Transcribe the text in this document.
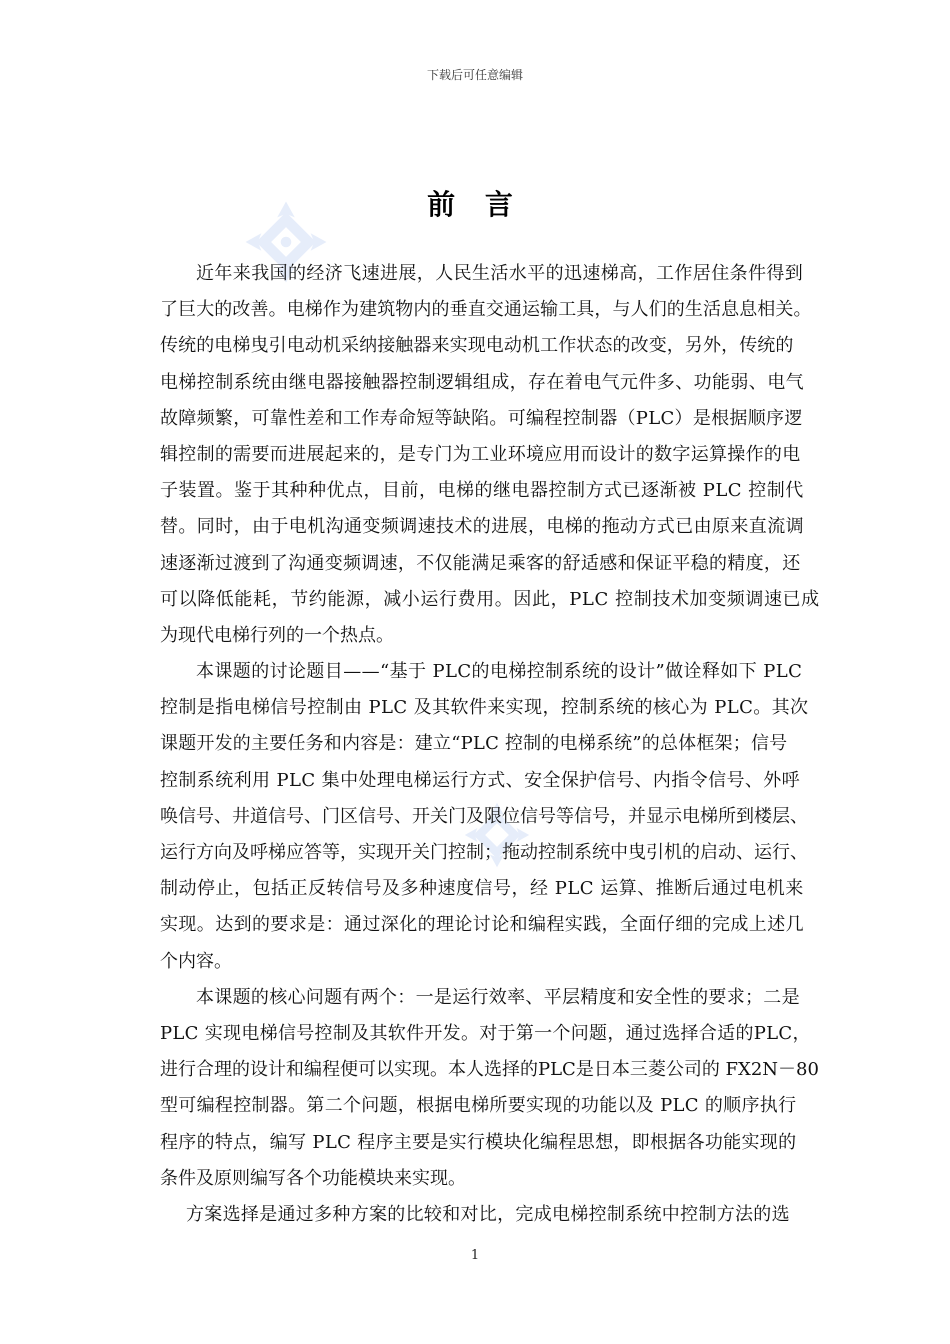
下载后可任意编辑
前 言
近年来我国的经济飞速进展，人民生活水平的迅速梯高，工作居住条件得到
了巨大的改善。电梯作为建筑物内的垂直交通运输工具，与人们的生活息息相关。
传统的电梯曳引电动机采纳接触器来实现电动机工作状态的改变，另外，传统的
电梯控制系统由继电器接触器控制逻辑组成，存在着电气元件多、功能弱、电气
故障频繁，可靠性差和工作寿命短等缺陷。可编程控制器（PLC）是根据顺序逻
辑控制的需要而进展起来的，是专门为工业环境应用而设计的数字运算操作的电
子装置。鉴于其种种优点，目前，电梯的继电器控制方式已逐渐被 PLC 控制代
替。同时，由于电机沟通变频调速技术的进展，电梯的拖动方式已由原来直流调
速逐渐过渡到了沟通变频调速，不仅能满足乘客的舒适感和保证平稳的精度，还
可以降低能耗，节约能源，减小运行费用。因此，PLC 控制技术加变频调速已成
为现代电梯行列的一个热点。
本课题的讨论题目——“基于 PLC的电梯控制系统的设计”做诠释如下 PLC
控制是指电梯信号控制由 PLC 及其软件来实现，控制系统的核心为 PLC。其次
课题开发的主要任务和内容是：建立“PLC 控制的电梯系统”的总体框架；信号
控制系统利用 PLC 集中处理电梯运行方式、安全保护信号、内指令信号、外呼
唤信号、井道信号、门区信号、开关门及限位信号等信号，并显示电梯所到楼层、
运行方向及呼梯应答等，实现开关门控制；拖动控制系统中曳引机的启动、运行、
制动停止，包括正反转信号及多种速度信号，经 PLC 运算、推断后通过电机来
实现。达到的要求是：通过深化的理论讨论和编程实践，全面仔细的完成上述几
个内容。
本课题的核心问题有两个：一是运行效率、平层精度和安全性的要求；二是
PLC 实现电梯信号控制及其软件开发。对于第一个问题，通过选择合适的PLC，
进行合理的设计和编程便可以实现。本人选择的PLC是日本三菱公司的 FX2N－80
型可编程控制器。第二个问题，根据电梯所要实现的功能以及 PLC 的顺序执行
程序的特点，编写 PLC 程序主要是实行模块化编程思想，即根据各功能实现的
条件及原则编写各个功能模块来实现。
方案选择是通过多种方案的比较和对比，完成电梯控制系统中控制方法的选
1
